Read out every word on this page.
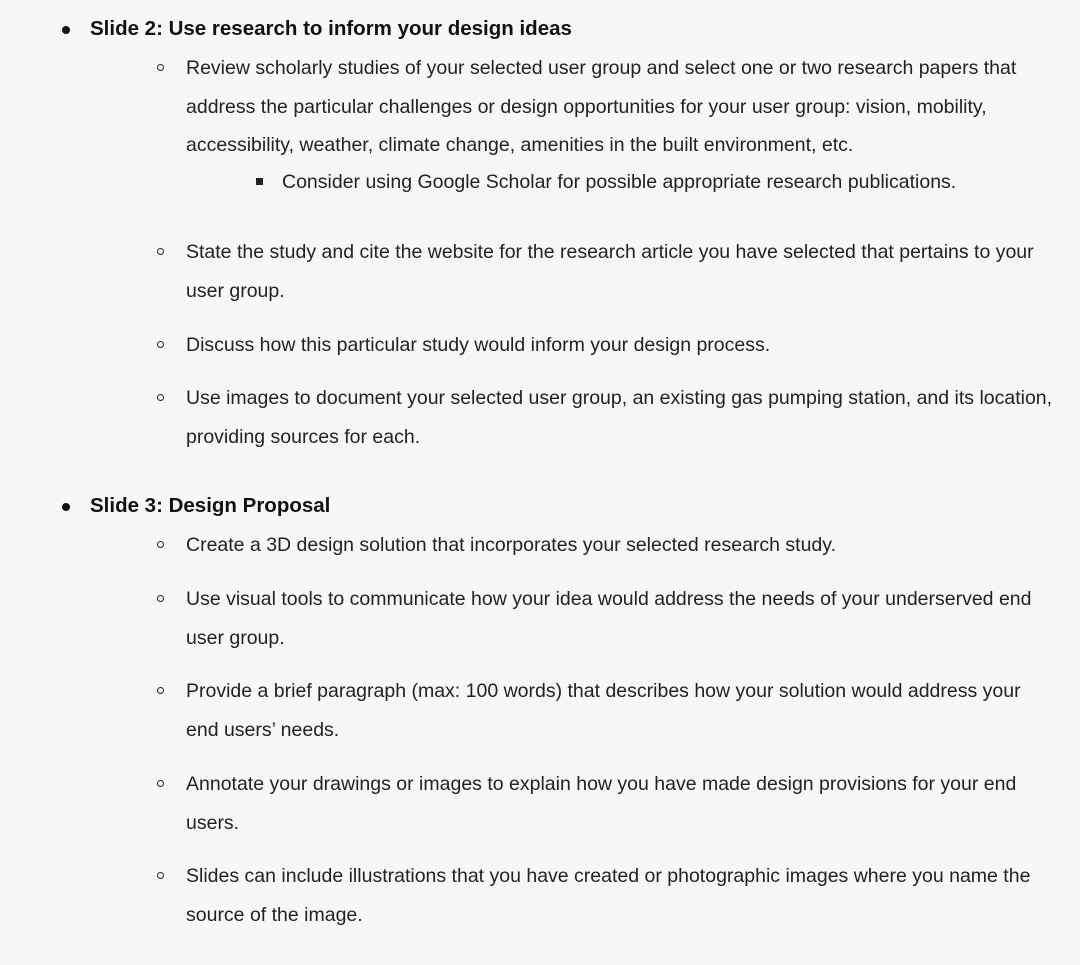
Slide 2: Use research to inform your design ideas
Review scholarly studies of your selected user group and select one or two research papers that address the particular challenges or design opportunities for your user group: vision, mobility, accessibility, weather, climate change, amenities in the built environment, etc.
Consider using Google Scholar for possible appropriate research publications.
State the study and cite the website for the research article you have selected that pertains to your user group.
Discuss how this particular study would inform your design process.
Use images to document your selected user group, an existing gas pumping station, and its location, providing sources for each.
Slide 3: Design Proposal
Create a 3D design solution that incorporates your selected research study.
Use visual tools to communicate how your idea would address the needs of your underserved end user group.
Provide a brief paragraph (max: 100 words) that describes how your solution would address your end users’ needs.
Annotate your drawings or images to explain how you have made design provisions for your end users.
Slides can include illustrations that you have created or photographic images where you name the source of the image.
